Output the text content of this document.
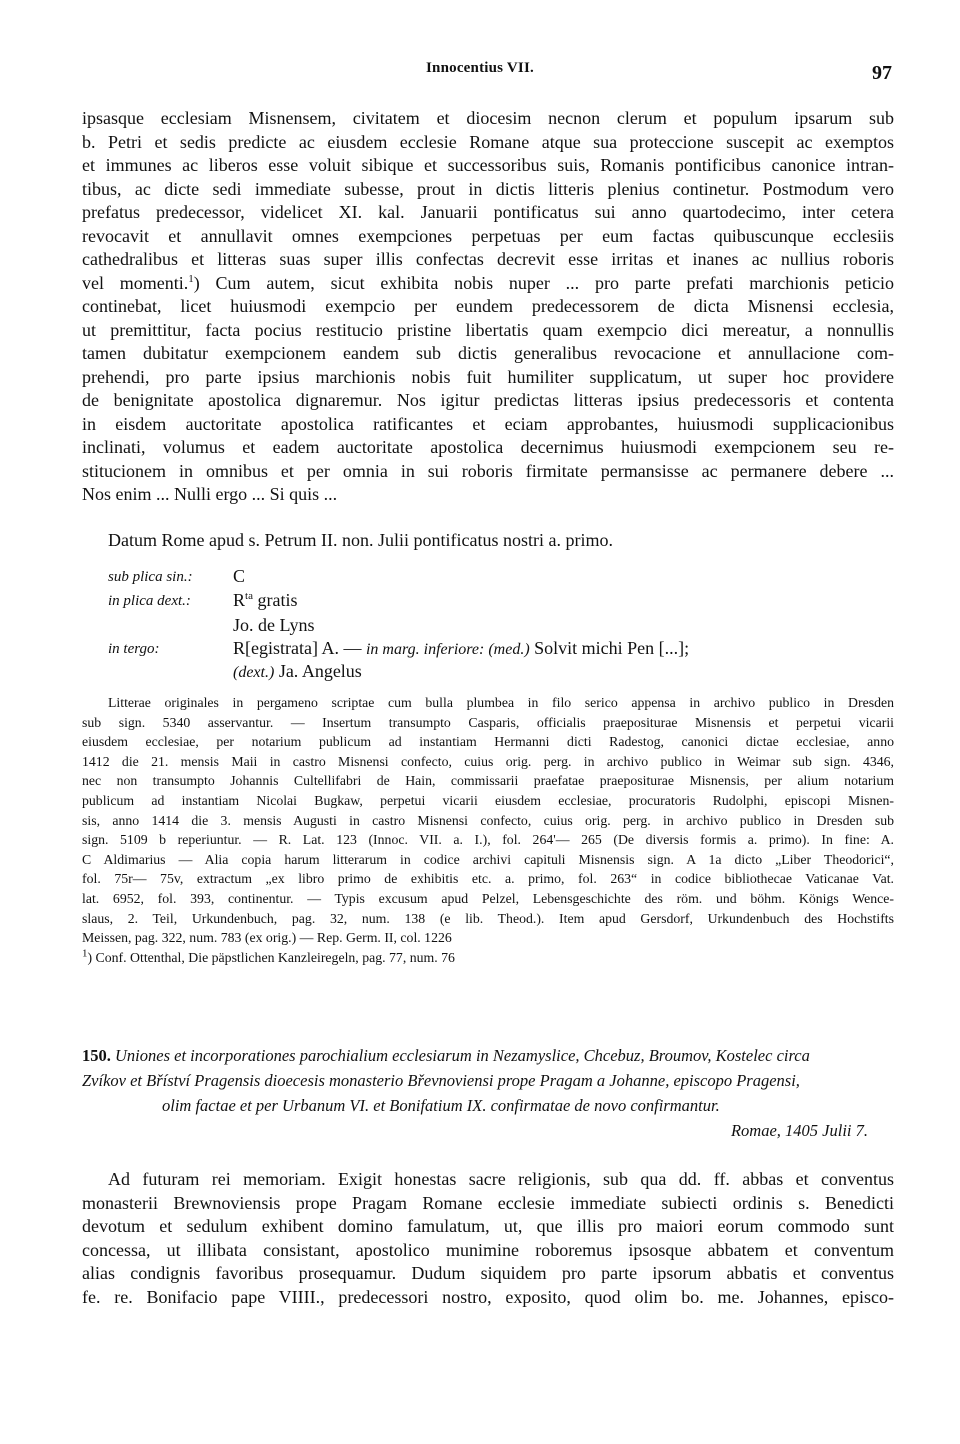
Innocentius VII.	97
ipsasque ecclesiam Misnensem, civitatem et diocesim necnon clerum et populum ipsarum sub
b. Petri et sedis predicte ac eiusdem ecclesie Romane atque sua proteccione suscepit ac exemptos
et immunes ac liberos esse voluit sibique et successoribus suis, Romanis pontificibus canonice intran-
tibus, ac dicte sedi immediate subesse, prout in dictis litteris plenius continetur. Postmodum vero
prefatus predecessor, videlicet XI. kal. Januarii pontificatus sui anno quartodecimo, inter cetera
revocavit et annullavit omnes exempciones perpetuas per eum factas quibuscunque ecclesiis
cathedralibus et litteras suas super illis confectas decrevit esse irritas et inanes ac nullius roboris
vel momenti.$^1$) Cum autem, sicut exhibita nobis nuper ... pro parte prefati marchionis peticio
continebat, licet huiusmodi exempcio per eundem predecessorem de dicta Misnensi ecclesia,
ut premittitur, facta pocius restitucio pristine libertatis quam exempcio dici mereatur, a nonnullis
tamen dubitatur exempcionem eandem sub dictis generalibus revocacione et annullacione com-
prehendi, pro parte ipsius marchionis nobis fuit humiliter supplicatum, ut super hoc providere
de benignitate apostolica dignaremur. Nos igitur predictas litteras ipsius predecessoris et contenta
in eisdem auctoritate apostolica ratificantes et eciam approbantes, huiusmodi supplicacionibus
inclinati, volumus et eadem auctoritate apostolica decernimus huiusmodi exempcionem seu re-
stitucionem in omnibus et per omnia in sui roboris firmitate permansisse ac permanere debere ...
Nos enim ... Nulli ergo ... Si quis ...
Datum Rome apud s. Petrum II. non. Julii pontificatus nostri a. primo.
sub plica sin.: C
in plica dext.: $R^{ta}$ gratis
Jo. de Lyns
in tergo:	R[egistrata] A. — in marg. inferiore: (med.) Solvit michi Pen [...];
(dext.) Ja. Angelus
Litterae originales in pergameno scriptae cum bulla plumbea in filo serico appensa in archivo publico in Dresden
sub sign. 5340 asservantur. — Insertum transumpto Casparis, officialis praepositurae Misnensis et perpetui vicarii
eiusdem ecclesiae, per notarium publicum ad instantiam Hermanni dicti Radestog, canonici dictae ecclesiae, anno
1412 die 21. mensis Maii in castro Misnensi confecto, cuius orig. perg. in archivo publico in Weimar sub sign. 4346,
nec non transumpto Johannis Cultellifabri de Hain, commissarii praefatae praepositurae Misnensis, per alium notarium
publicum ad instantiam Nicolai Bugkaw, perpetui vicarii eiusdem ecclesiae, procuratoris Rudolphi, episcopi Misnen-
sis, anno 1414 die 3. mensis Augusti in castro Misnensi confecto, cuius orig. perg. in archivo publico in Dresden sub
sign. 5109 b reperiuntur. — R. Lat. 123 (Innoc. VII. a. I.), fol. 264'— 265 (De diversis formis a. primo). In fine: A.
C Aldimarius — Alia copia harum litterarum in codice archivi capituli Misnensis sign. A 1a dicto „Liber Theodorici“,
fol. 75r— 75v, extractum „ex libro primo de exhibitis etc. a. primo, fol. 263“ in codice bibliothecae Vaticanae Vat.
lat. 6952, fol. 393, continentur. — Typis excusum apud Pelzel, Lebensgeschichte des röm. und böhm. Königs Wence-
slaus, 2. Teil, Urkundenbuch, pag. 32, num. 138 (e lib. Theod.). Item apud Gersdorf, Urkundenbuch des Hochstifts
Meissen, pag. 322, num. 783 (ex orig.) — Rep. Germ. II, col. 1226
$^1$) Conf. Ottenthal, Die päpstlichen Kanzleiregeln, pag. 77, num. 76
150. Uniones et incorporationes parochialium ecclesiarum in Nezamyslice, Chcebuz, Broumov, Kostelec circa
Zvíkov et Bříství Pragensis dioecesis monasterio Břevnoviensi prope Pragam a Johanne, episcopo Pragensi,
olim factae et per Urbanum VI. et Bonifatium IX. confirmatae de novo confirmantur.
Romae, 1405 Julii 7.
Ad futuram rei memoriam. Exigit honestas sacre religionis, sub qua dd. ff. abbas et conventus
monasterii Brewnoviensis prope Pragam Romane ecclesie immediate subiecti ordinis s. Benedicti
devotum et sedulum exhibent domino famulatum, ut, que illis pro maiori eorum commodo sunt
concessa, ut illibata consistant, apostolico munimine roboremus ipsosque abbatem et conventum
alias condignis favoribus prosequamur. Dudum siquidem pro parte ipsorum abbatis et conventus
fe. re. Bonifacio pape VIIII., predecessori nostro, exposito, quod olim bo. me. Johannes, episco-
